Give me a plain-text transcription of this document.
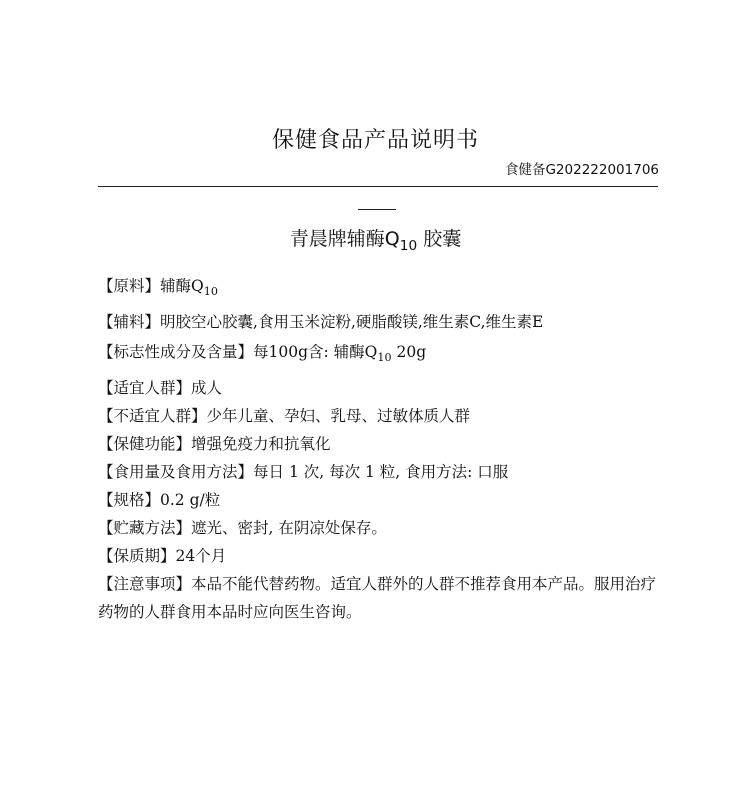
保健食品产品说明书
食健备G202222001706
青晨牌辅酶$Q_{10}$ 胶囊
【原料】辅酶$Q_{10}$
【辅料】明胶空心胶囊,食用玉米淀粉,硬脂酸镁,维生素C,维生素E
【标志性成分及含量】每100g含: 辅酶$Q_{10}$ 20g
【适宜人群】成人
【不适宜人群】少年儿童、孕妇、乳母、过敏体质人群
【保健功能】增强免疫力和抗氧化
【食用量及食用方法】每日 1 次, 每次 1 粒, 食用方法: 口服
【规格】0.2 g/粒
【贮藏方法】遮光、密封, 在阴凉处保存。
【保质期】24个月
【注意事项】本品不能代替药物。适宜人群外的人群不推荐食用本产品。服用治疗药物的人群食用本品时应向医生咨询。
